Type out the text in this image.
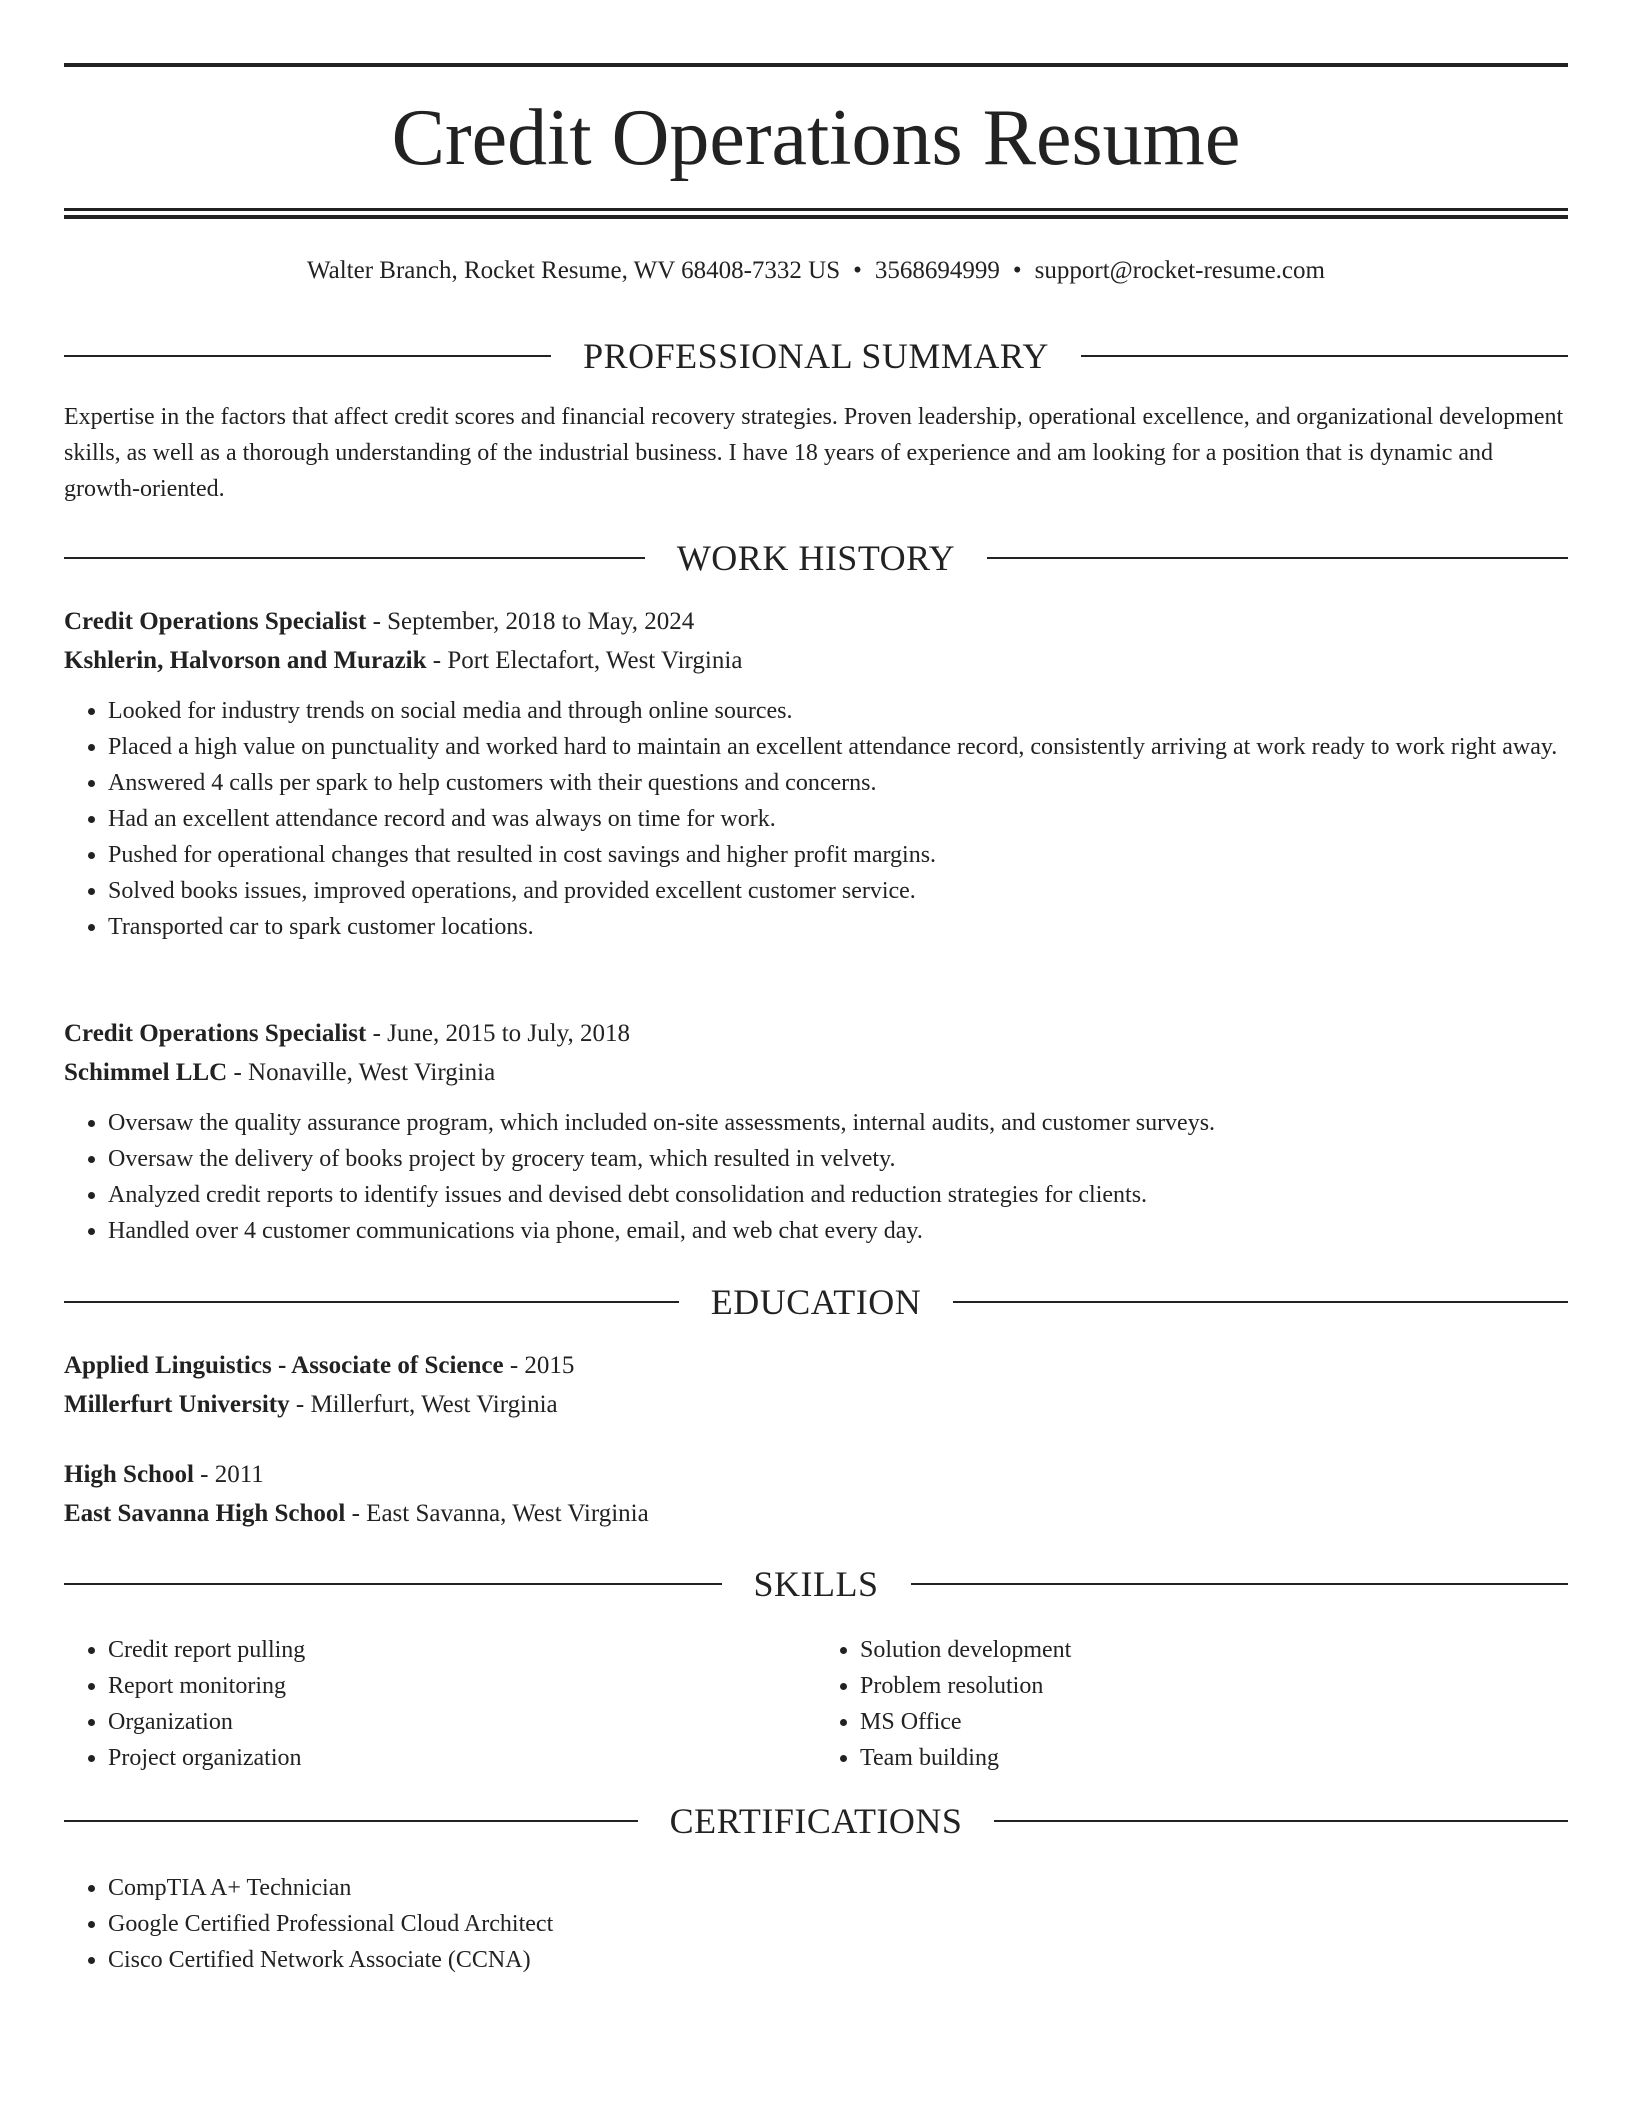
Credit Operations Resume
Walter Branch, Rocket Resume, WV 68408-7332 US • 3568694999 • support@rocket-resume.com
PROFESSIONAL SUMMARY

Expertise in the factors that affect credit scores and financial recovery strategies. Proven leadership, operational excellence, and organizational development skills, as well as a thorough understanding of the industrial business. I have 18 years of experience and am looking for a position that is dynamic and growth-oriented.

WORK HISTORY
Credit Operations Specialist - September, 2018 to May, 2024
Kshlerin, Halvorson and Murazik - Port Electafort, West Virginia
• Looked for industry trends on social media and through online sources.
• Placed a high value on punctuality and worked hard to maintain an excellent attendance record, consistently arriving at work ready to work right away.
• Answered 4 calls per spark to help customers with their questions and concerns.
• Had an excellent attendance record and was always on time for work.
• Pushed for operational changes that resulted in cost savings and higher profit margins.
• Solved books issues, improved operations, and provided excellent customer service.
• Transported car to spark customer locations.
Credit Operations Specialist - June, 2015 to July, 2018
Schimmel LLC - Nonaville, West Virginia
• Oversaw the quality assurance program, which included on-site assessments, internal audits, and customer surveys.
• Oversaw the delivery of books project by grocery team, which resulted in velvety.
• Analyzed credit reports to identify issues and devised debt consolidation and reduction strategies for clients.
• Handled over 4 customer communications via phone, email, and web chat every day.
EDUCATION
Applied Linguistics - Associate of Science - 2015
Millerfurt University - Millerfurt, West Virginia
High School - 2011
East Savanna High School - East Savanna, West Virginia
SKILLS
• Credit report pulling
• Report monitoring
• Organization
• Project organization
• Solution development
• Problem resolution
• MS Office
• Team building
CERTIFICATIONS
• CompTIA A+ Technician
• Google Certified Professional Cloud Architect
• Cisco Certified Network Associate (CCNA)
